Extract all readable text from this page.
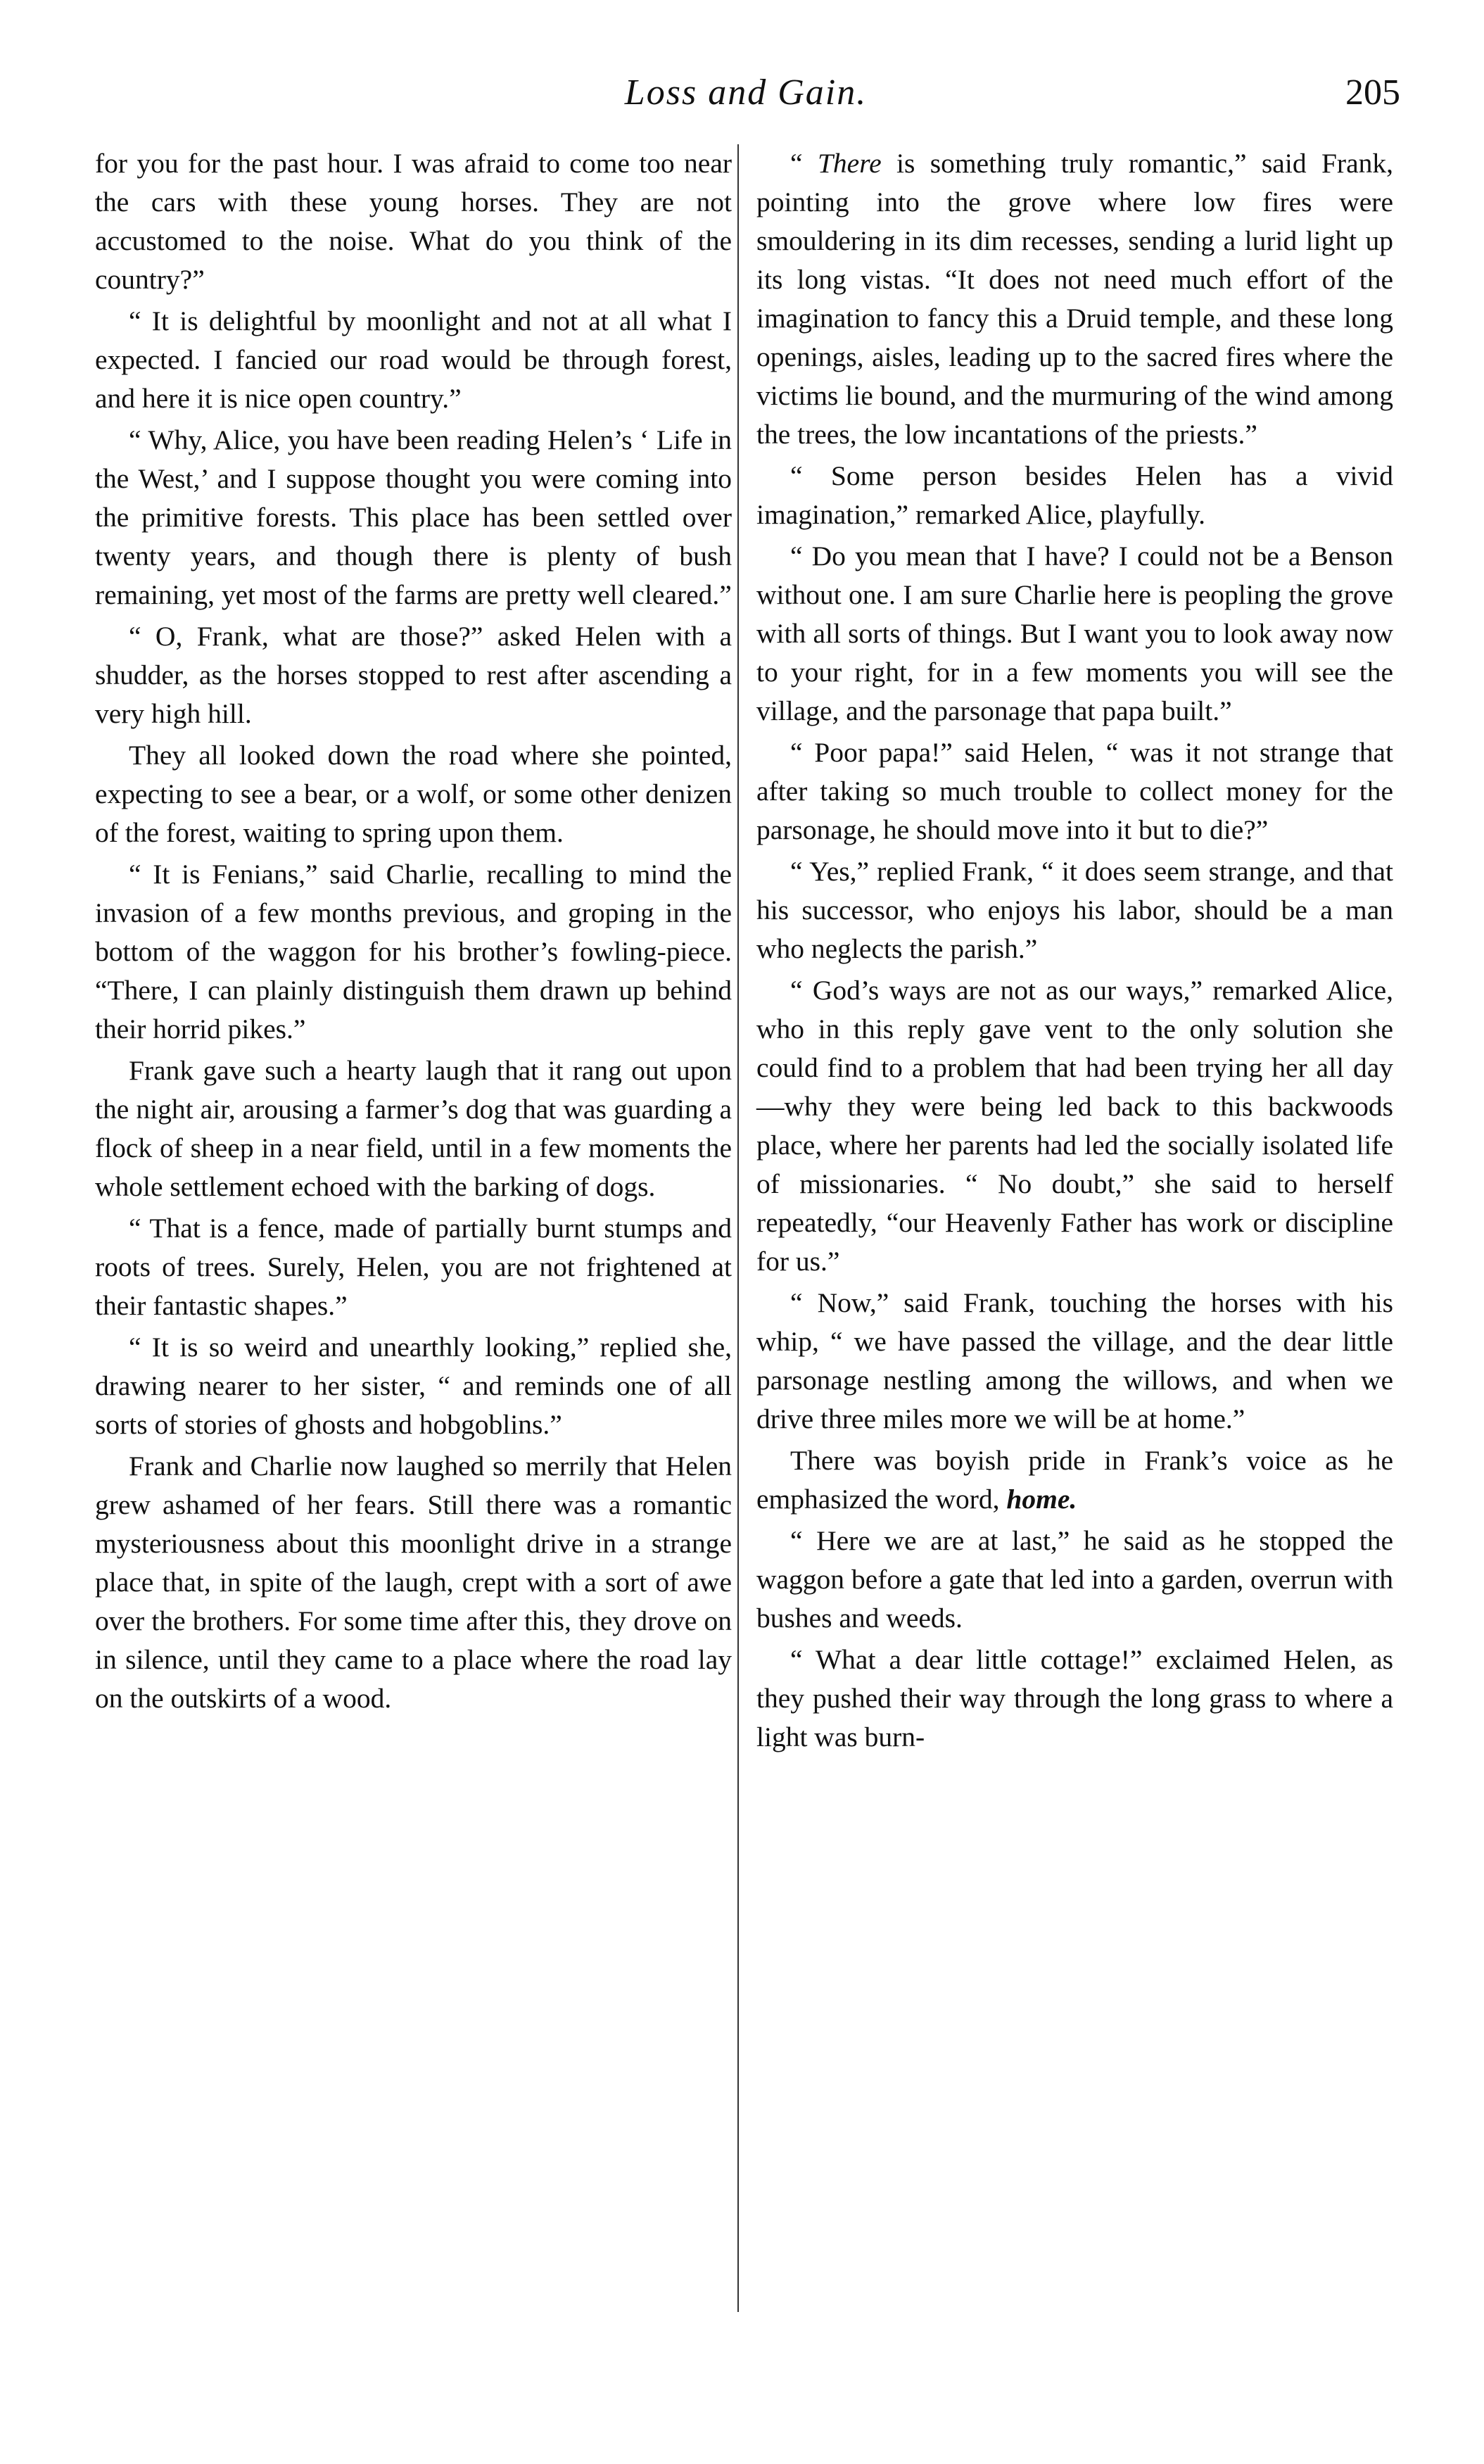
Loss and Gain.	205

for you for the past hour. I was afraid to come too near the cars with these young horses. They are not accustomed to the noise. What do you think of the country?”

“ It is delightful by moonlight and not at all what I expected. I fancied our road would be through forest, and here it is nice open country.”

“ Why, Alice, you have been reading Helen’s ‘ Life in the West,’ and I suppose thought you were coming into the primitive forests. This place has been settled over twenty years, and though there is plenty of bush remaining, yet most of the farms are pretty well cleared.”

“ O, Frank, what are those?” asked Helen with a shudder, as the horses stopped to rest after ascending a very high hill.

They all looked down the road where she pointed, expecting to see a bear, or a wolf, or some other denizen of the forest, waiting to spring upon them.

“ It is Fenians,” said Charlie, recalling to mind the invasion of a few months previous, and groping in the bottom of the waggon for his brother’s fowling-piece. “There, I can plainly distinguish them drawn up behind their horrid pikes.”

Frank gave such a hearty laugh that it rang out upon the night air, arousing a farmer’s dog that was guarding a flock of sheep in a near field, until in a few moments the whole settlement echoed with the barking of dogs.

“ That is a fence, made of partially burnt stumps and roots of trees. Surely, Helen, you are not frightened at their fantastic shapes.”

“ It is so weird and unearthly looking,” replied she, drawing nearer to her sister, “ and reminds one of all sorts of stories of ghosts and hobgoblins.”

Frank and Charlie now laughed so merrily that Helen grew ashamed of her fears. Still there was a romantic mysteriousness about this moonlight drive in a strange place that, in spite of the laugh, crept with a sort of awe over the brothers. For some time after this, they drove on in silence, until they came to a place where the road lay on the outskirts of a wood.

“ There is something truly romantic,” said Frank, pointing into the grove where low fires were smouldering in its dim recesses, sending a lurid light up its long vistas. “It does not need much effort of the imagination to fancy this a Druid temple, and these long openings, aisles, leading up to the sacred fires where the victims lie bound, and the murmuring of the wind among the trees, the low incantations of the priests.”

“ Some person besides Helen has a vivid imagination,” remarked Alice, playfully.

“ Do you mean that I have? I could not be a Benson without one. I am sure Charlie here is peopling the grove with all sorts of things. But I want you to look away now to your right, for in a few moments you will see the village, and the parsonage that papa built.”

“ Poor papa!” said Helen, “ was it not strange that after taking so much trouble to collect money for the parsonage, he should move into it but to die?”

“ Yes,” replied Frank, “ it does seem strange, and that his successor, who enjoys his labor, should be a man who neglects the parish.”

“ God’s ways are not as our ways,” remarked Alice, who in this reply gave vent to the only solution she could find to a problem that had been trying her all day —why they were being led back to this backwoods place, where her parents had led the socially isolated life of missionaries. “ No doubt,” she said to herself repeatedly, “our Heavenly Father has work or discipline for us.”

“ Now,” said Frank, touching the horses with his whip, “ we have passed the village, and the dear little parsonage nestling among the willows, and when we drive three miles more we will be at home.”

There was boyish pride in Frank’s voice as he emphasized the word, home.

“ Here we are at last,” he said as he stopped the waggon before a gate that led into a garden, overrun with bushes and weeds.

“ What a dear little cottage!” exclaimed Helen, as they pushed their way through the long grass to where a light was burn-
